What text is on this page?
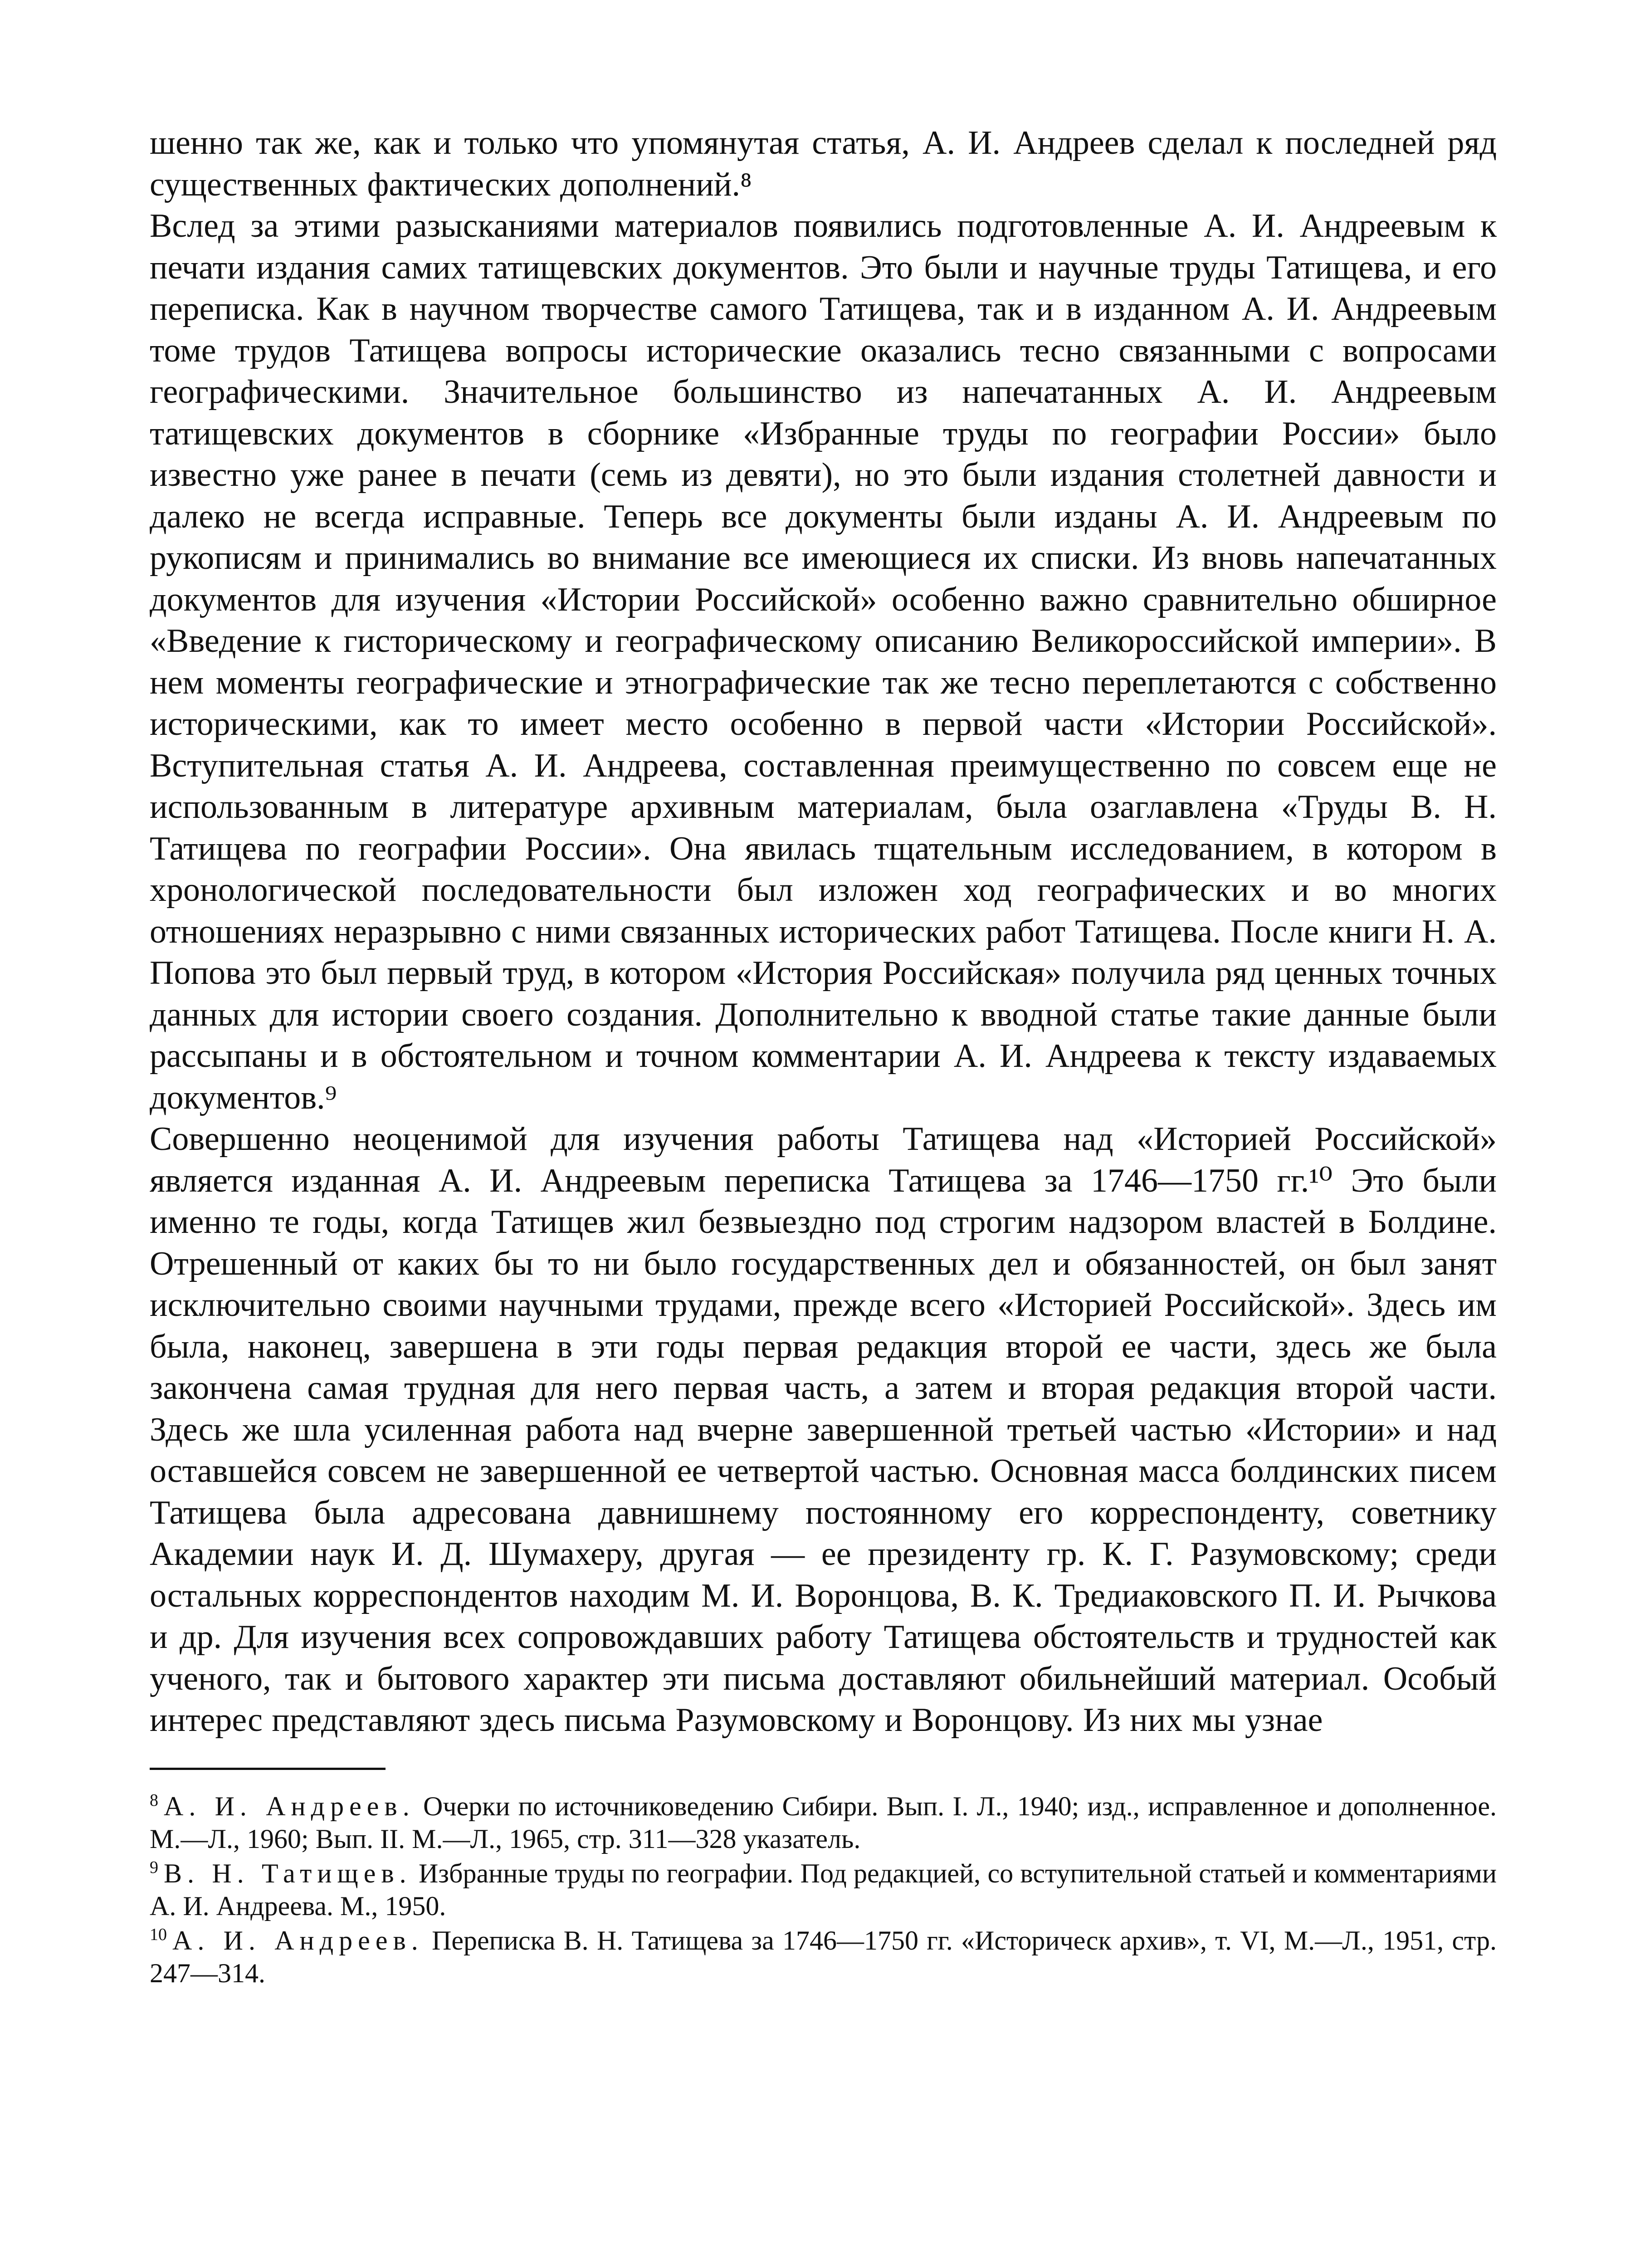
шенно так же, как и только что упомянутая статья, А. И. Андреев сделал к последней ряд существенных фактических дополнений.⁸

Вслед за этими разысканиями материалов появились подготовленные А. И. Андреевым к печати издания самих татищевских документов. Это были и научные труды Татищева, и его переписка. Как в научном творчестве самого Татищева, так и в изданном А. И. Андреевым томе трудов Татищева вопросы исторические оказались тесно связанными с вопросами географическими. Значительное большинство из напечатанных А. И. Андреевым татищевских документов в сборнике «Избранные труды по географии России» было известно уже ранее в печати (семь из девяти), но это были издания столетней давности и далеко не всегда исправные. Теперь все документы были изданы А. И. Андреевым по рукописям и принимались во внимание все имеющиеся их списки. Из вновь напечатанных документов для изучения «Истории Российской» особенно важно сравнительно обширное «Введение к гисторическому и географическому описанию Великороссийской империи». В нем моменты географические и этнографические так же тесно переплетаются с собственно историческими, как то имеет место особенно в первой части «Истории Российской». Вступительная статья А. И. Андреева, составленная преимущественно по совсем еще не использованным в литературе архивным материалам, была озаглавлена «Труды В. Н. Татищева по географии России». Она явилась тщательным исследованием, в котором в хронологической последовательности был изложен ход географических и во многих отношениях неразрывно с ними связанных исторических работ Татищева. После книги Н. А. Попова это был первый труд, в котором «История Российская» получила ряд ценных точных данных для истории своего создания. Дополнительно к вводной статье такие данные были рассыпаны и в обстоятельном и точном комментарии А. И. Андреева к тексту издаваемых документов.⁹

Совершенно неоценимой для изучения работы Татищева над «Историей Российской» является изданная А. И. Андреевым переписка Татищева за 1746—1750 гг.¹⁰ Это были именно те годы, когда Татищев жил безвыездно под строгим надзором властей в Болдине. Отрешенный от каких бы то ни было государственных дел и обязанностей, он был занят исключительно своими научными трудами, прежде всего «Историей Российской». Здесь им была, наконец, завершена в эти годы первая редакция второй ее части, здесь же была закончена самая трудная для него первая часть, а затем и вторая редакция второй части. Здесь же шла усиленная работа над вчерне завершенной третьей частью «Истории» и над оставшейся совсем не завершенной ее четвертой частью. Основная масса болдинских писем Татищева была адресована давнишнему постоянному его корреспонденту, советнику Академии наук И. Д. Шумахеру, другая — ее президенту гр. К. Г. Разумовскому; среди остальных корреспондентов находим М. И. Воронцова, В. К. Тредиаковского П. И. Рычкова и др. Для изучения всех сопровождавших работу Татищева обстоятельств и трудностей как ученого, так и бытового характер эти письма доставляют обильнейший материал. Особый интерес представляют здесь письма Разумовскому и Воронцову. Из них мы узнае

$^8$ А. И. Андреев. Очерки по источниковедению Сибири. Вып. I. Л., 1940; изд., исправленное и дополненное. М.—Л., 1960; Вып. II. М.—Л., 1965, стр. 311—328 указатель.

$^9$ В. Н. Татищев. Избранные труды по географии. Под редакцией, со вступительной статьей и комментариями А. И. Андреева. М., 1950.

$^{10}$ А. И. Андреев. Переписка В. Н. Татищева за 1746—1750 гг. «Историческ архив», т. VI, М.—Л., 1951, стр. 247—314.
